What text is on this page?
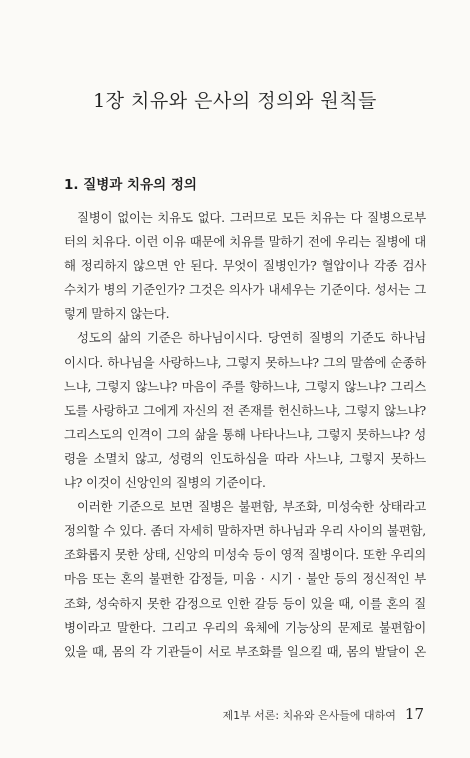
1장 치유와 은사의 정의와 원칙들
1. 질병과 치유의 정의
질병이 없이는 치유도 없다. 그러므로 모든 치유는 다 질병으로부
터의 치유다. 이런 이유 때문에 치유를 말하기 전에 우리는 질병에 대
해 정리하지 않으면 안 된다. 무엇이 질병인가? 혈압이나 각종 검사
수치가 병의 기준인가? 그것은 의사가 내세우는 기준이다. 성서는 그
렇게 말하지 않는다.
성도의 삶의 기준은 하나님이시다. 당연히 질병의 기준도 하나님
이시다. 하나님을 사랑하느냐, 그렇지 못하느냐? 그의 말씀에 순종하
느냐, 그렇지 않느냐? 마음이 주를 향하느냐, 그렇지 않느냐? 그리스
도를 사랑하고 그에게 자신의 전 존재를 헌신하느냐, 그렇지 않느냐?
그리스도의 인격이 그의 삶을 통해 나타나느냐, 그렇지 못하느냐? 성
령을 소멸치 않고, 성령의 인도하심을 따라 사느냐, 그렇지 못하느
냐? 이것이 신앙인의 질병의 기준이다.
이러한 기준으로 보면 질병은 불편함, 부조화, 미성숙한 상태라고
정의할 수 있다. 좀더 자세히 말하자면 하나님과 우리 사이의 불편함,
조화롭지 못한 상태, 신앙의 미성숙 등이 영적 질병이다. 또한 우리의
마음 또는 혼의 불편한 감정들, 미움 · 시기 · 불안 등의 정신적인 부
조화, 성숙하지 못한 감정으로 인한 갈등 등이 있을 때, 이를 혼의 질
병이라고 말한다. 그리고 우리의 육체에 기능상의 문제로 불편함이
있을 때, 몸의 각 기관들이 서로 부조화를 일으킬 때, 몸의 발달이 온
제1부 서론: 치유와 은사들에 대하여 17
